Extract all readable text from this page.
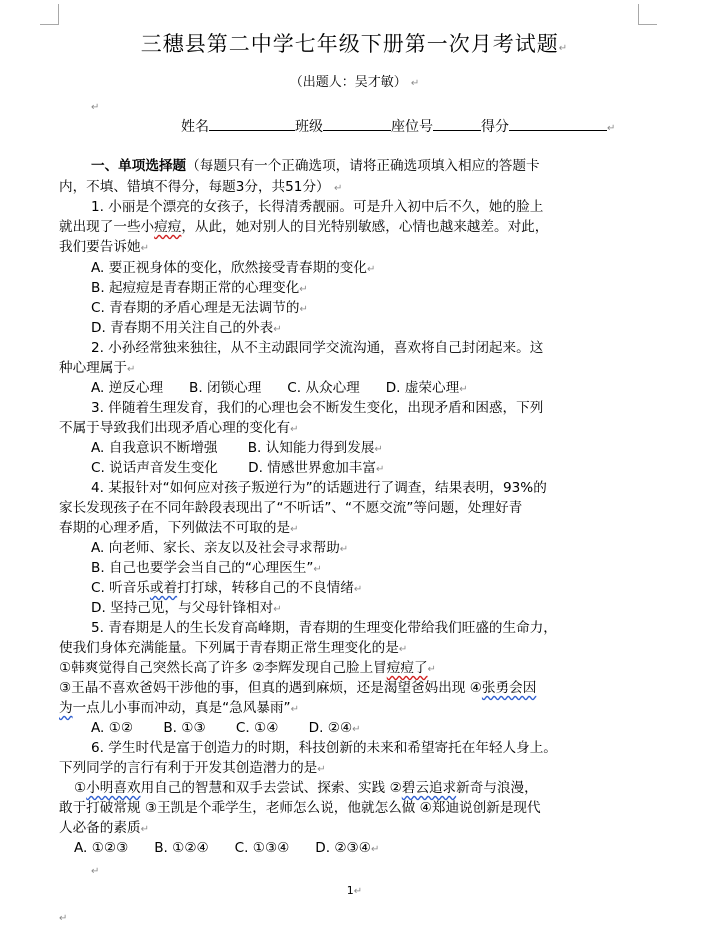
三穗县第二中学七年级下册第一次月考试题↵
（出题人：吴才敏） ↵
↵
姓名	班级	座位号	得分	↵
一、单项选择题（每题只有一个正确选项，请将正确选项填入相应的答题卡
内，不填、错填不得分，每题3分，共51分） ↵
1. 小丽是个漂亮的女孩子，长得清秀靓丽。可是升入初中后不久，她的脸上
就出现了一些小痘痘，从此，她对别人的目光特别敏感，心情也越来越差。对此，
我们要告诉她↵
A. 要正视身体的变化，欣然接受青春期的变化↵
B. 起痘痘是青春期正常的心理变化↵
C. 青春期的矛盾心理是无法调节的↵
D. 青春期不用关注自己的外表↵
2. 小孙经常独来独往，从不主动跟同学交流沟通，喜欢将自己封闭起来。这
种心理属于↵
A. 逆反心理      B. 闭锁心理      C. 从众心理      D. 虚荣心理↵
3. 伴随着生理发育，我们的心理也会不断发生变化，出现矛盾和困惑，下列
不属于导致我们出现矛盾心理的变化有↵
A. 自我意识不断增强       B. 认知能力得到发展↵
C. 说话声音发生变化       D. 情感世界愈加丰富↵
4. 某报针对“如何应对孩子叛逆行为”的话题进行了调查，结果表明，93%的
家长发现孩子在不同年龄段表现出了“不听话”、“不愿交流”等问题，处理好青
春期的心理矛盾，下列做法不可取的是↵
A. 向老师、家长、亲友以及社会寻求帮助↵
B. 自己也要学会当自己的“心理医生”↵
C. 听音乐或着打打球，转移自己的不良情绪↵
D. 坚持己见，与父母针锋相对↵
5. 青春期是人的生长发育高峰期，青春期的生理变化带给我们旺盛的生命力，
使我们身体充满能量。下列属于青春期正常生理变化的是↵
①韩爽觉得自己突然长高了许多 ②李辉发现自己脸上冒痘痘了↵
③王晶不喜欢爸妈干涉他的事，但真的遇到麻烦，还是渴望爸妈出现 ④张勇会因
为一点儿小事而冲动，真是“急风暴雨”↵
A. ①②       B. ①③       C. ①④       D. ②④↵
6. 学生时代是富于创造力的时期，科技创新的未来和希望寄托在年轻人身上。
下列同学的言行有利于开发其创造潜力的是↵
①小明喜欢用自己的智慧和双手去尝试、探索、实践 ②碧云追求新奇与浪漫，
敢于打破常规 ③王凯是个乖学生，老师怎么说，他就怎么做 ④郑迪说创新是现代
人必备的素质↵
A. ①②③      B. ①②④      C. ①③④      D. ②③④↵
↵
1↵
↵
